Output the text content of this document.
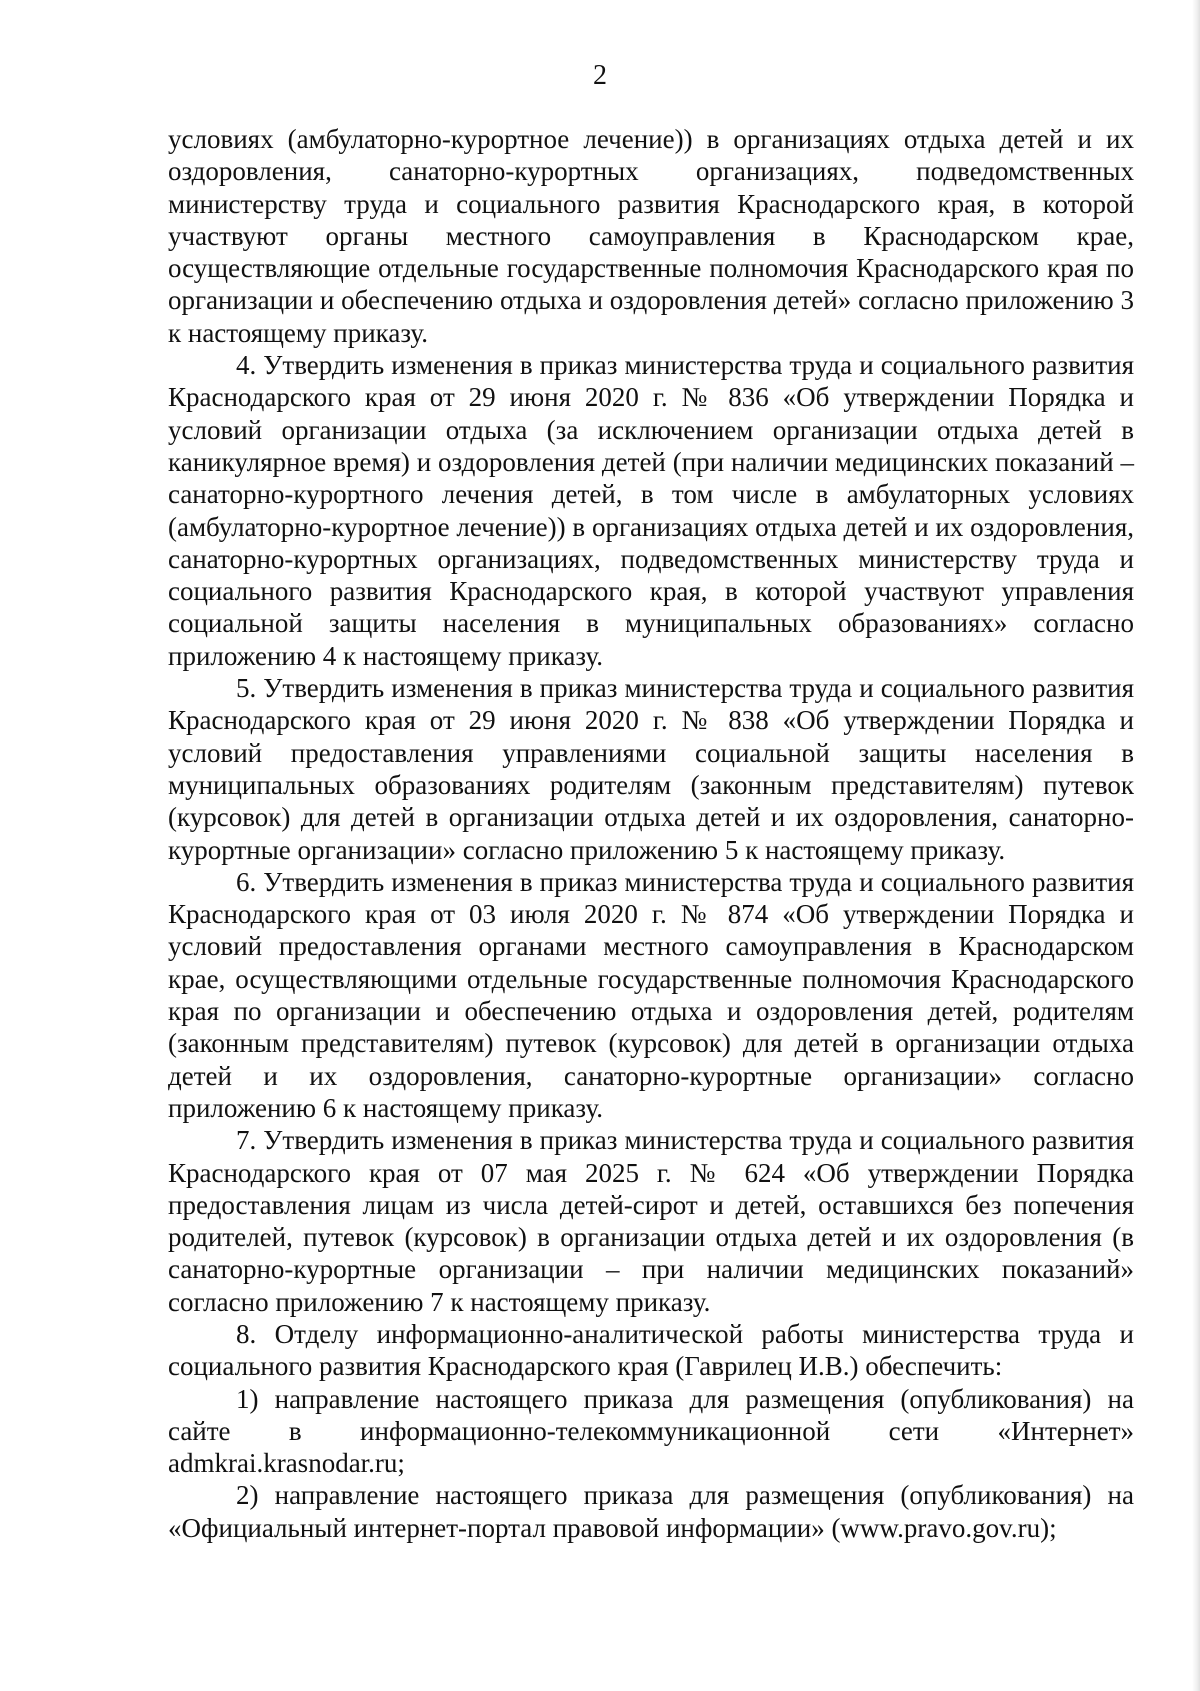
2

условиях (амбулаторно-курортное лечение)) в организациях отдыха детей и их оздоровления, санаторно-курортных организациях, подведомственных министерству труда и социального развития Краснодарского края, в которой участвуют органы местного самоуправления в Краснодарском крае, осуществляющие отдельные государственные полномочия Краснодарского края по организации и обеспечению отдыха и оздоровления детей» согласно приложению 3 к настоящему приказу.

4. Утвердить изменения в приказ министерства труда и социального развития Краснодарского края от 29 июня 2020 г. № 836 «Об утверждении Порядка и условий организации отдыха (за исключением организации отдыха детей в каникулярное время) и оздоровления детей (при наличии медицинских показаний – санаторно-курортного лечения детей, в том числе в амбулаторных условиях (амбулаторно-курортное лечение)) в организациях отдыха детей и их оздоровления, санаторно-курортных организациях, подведомственных министерству труда и социального развития Краснодарского края, в которой участвуют управления социальной защиты населения в муниципальных образованиях» согласно приложению 4 к настоящему приказу.

5. Утвердить изменения в приказ министерства труда и социального развития Краснодарского края от 29 июня 2020 г. № 838 «Об утверждении Порядка и условий предоставления управлениями социальной защиты населения в муниципальных образованиях родителям (законным представителям) путевок (курсовок) для детей в организации отдыха детей и их оздоровления, санаторно-курортные организации» согласно приложению 5 к настоящему приказу.

6. Утвердить изменения в приказ министерства труда и социального развития Краснодарского края от 03 июля 2020 г. № 874 «Об утверждении Порядка и условий предоставления органами местного самоуправления в Краснодарском крае, осуществляющими отдельные государственные полномочия Краснодарского края по организации и обеспечению отдыха и оздоровления детей, родителям (законным представителям) путевок (курсовок) для детей в организации отдыха детей и их оздоровления, санаторно-курортные организации» согласно приложению 6 к настоящему приказу.

7. Утвердить изменения в приказ министерства труда и социального развития Краснодарского края от 07 мая 2025 г. № 624 «Об утверждении Порядка предоставления лицам из числа детей-сирот и детей, оставшихся без попечения родителей, путевок (курсовок) в организации отдыха детей и их оздоровления (в санаторно-курортные организации – при наличии медицинских показаний» согласно приложению 7 к настоящему приказу.

8. Отделу информационно-аналитической работы министерства труда и социального развития Краснодарского края (Гаврилец И.В.) обеспечить:

1) направление настоящего приказа для размещения (опубликования) на сайте в информационно-телекоммуникационной сети «Интернет» admkrai.krasnodar.ru;

2) направление настоящего приказа для размещения (опубликования) на «Официальный интернет-портал правовой информации» (www.pravo.gov.ru);
